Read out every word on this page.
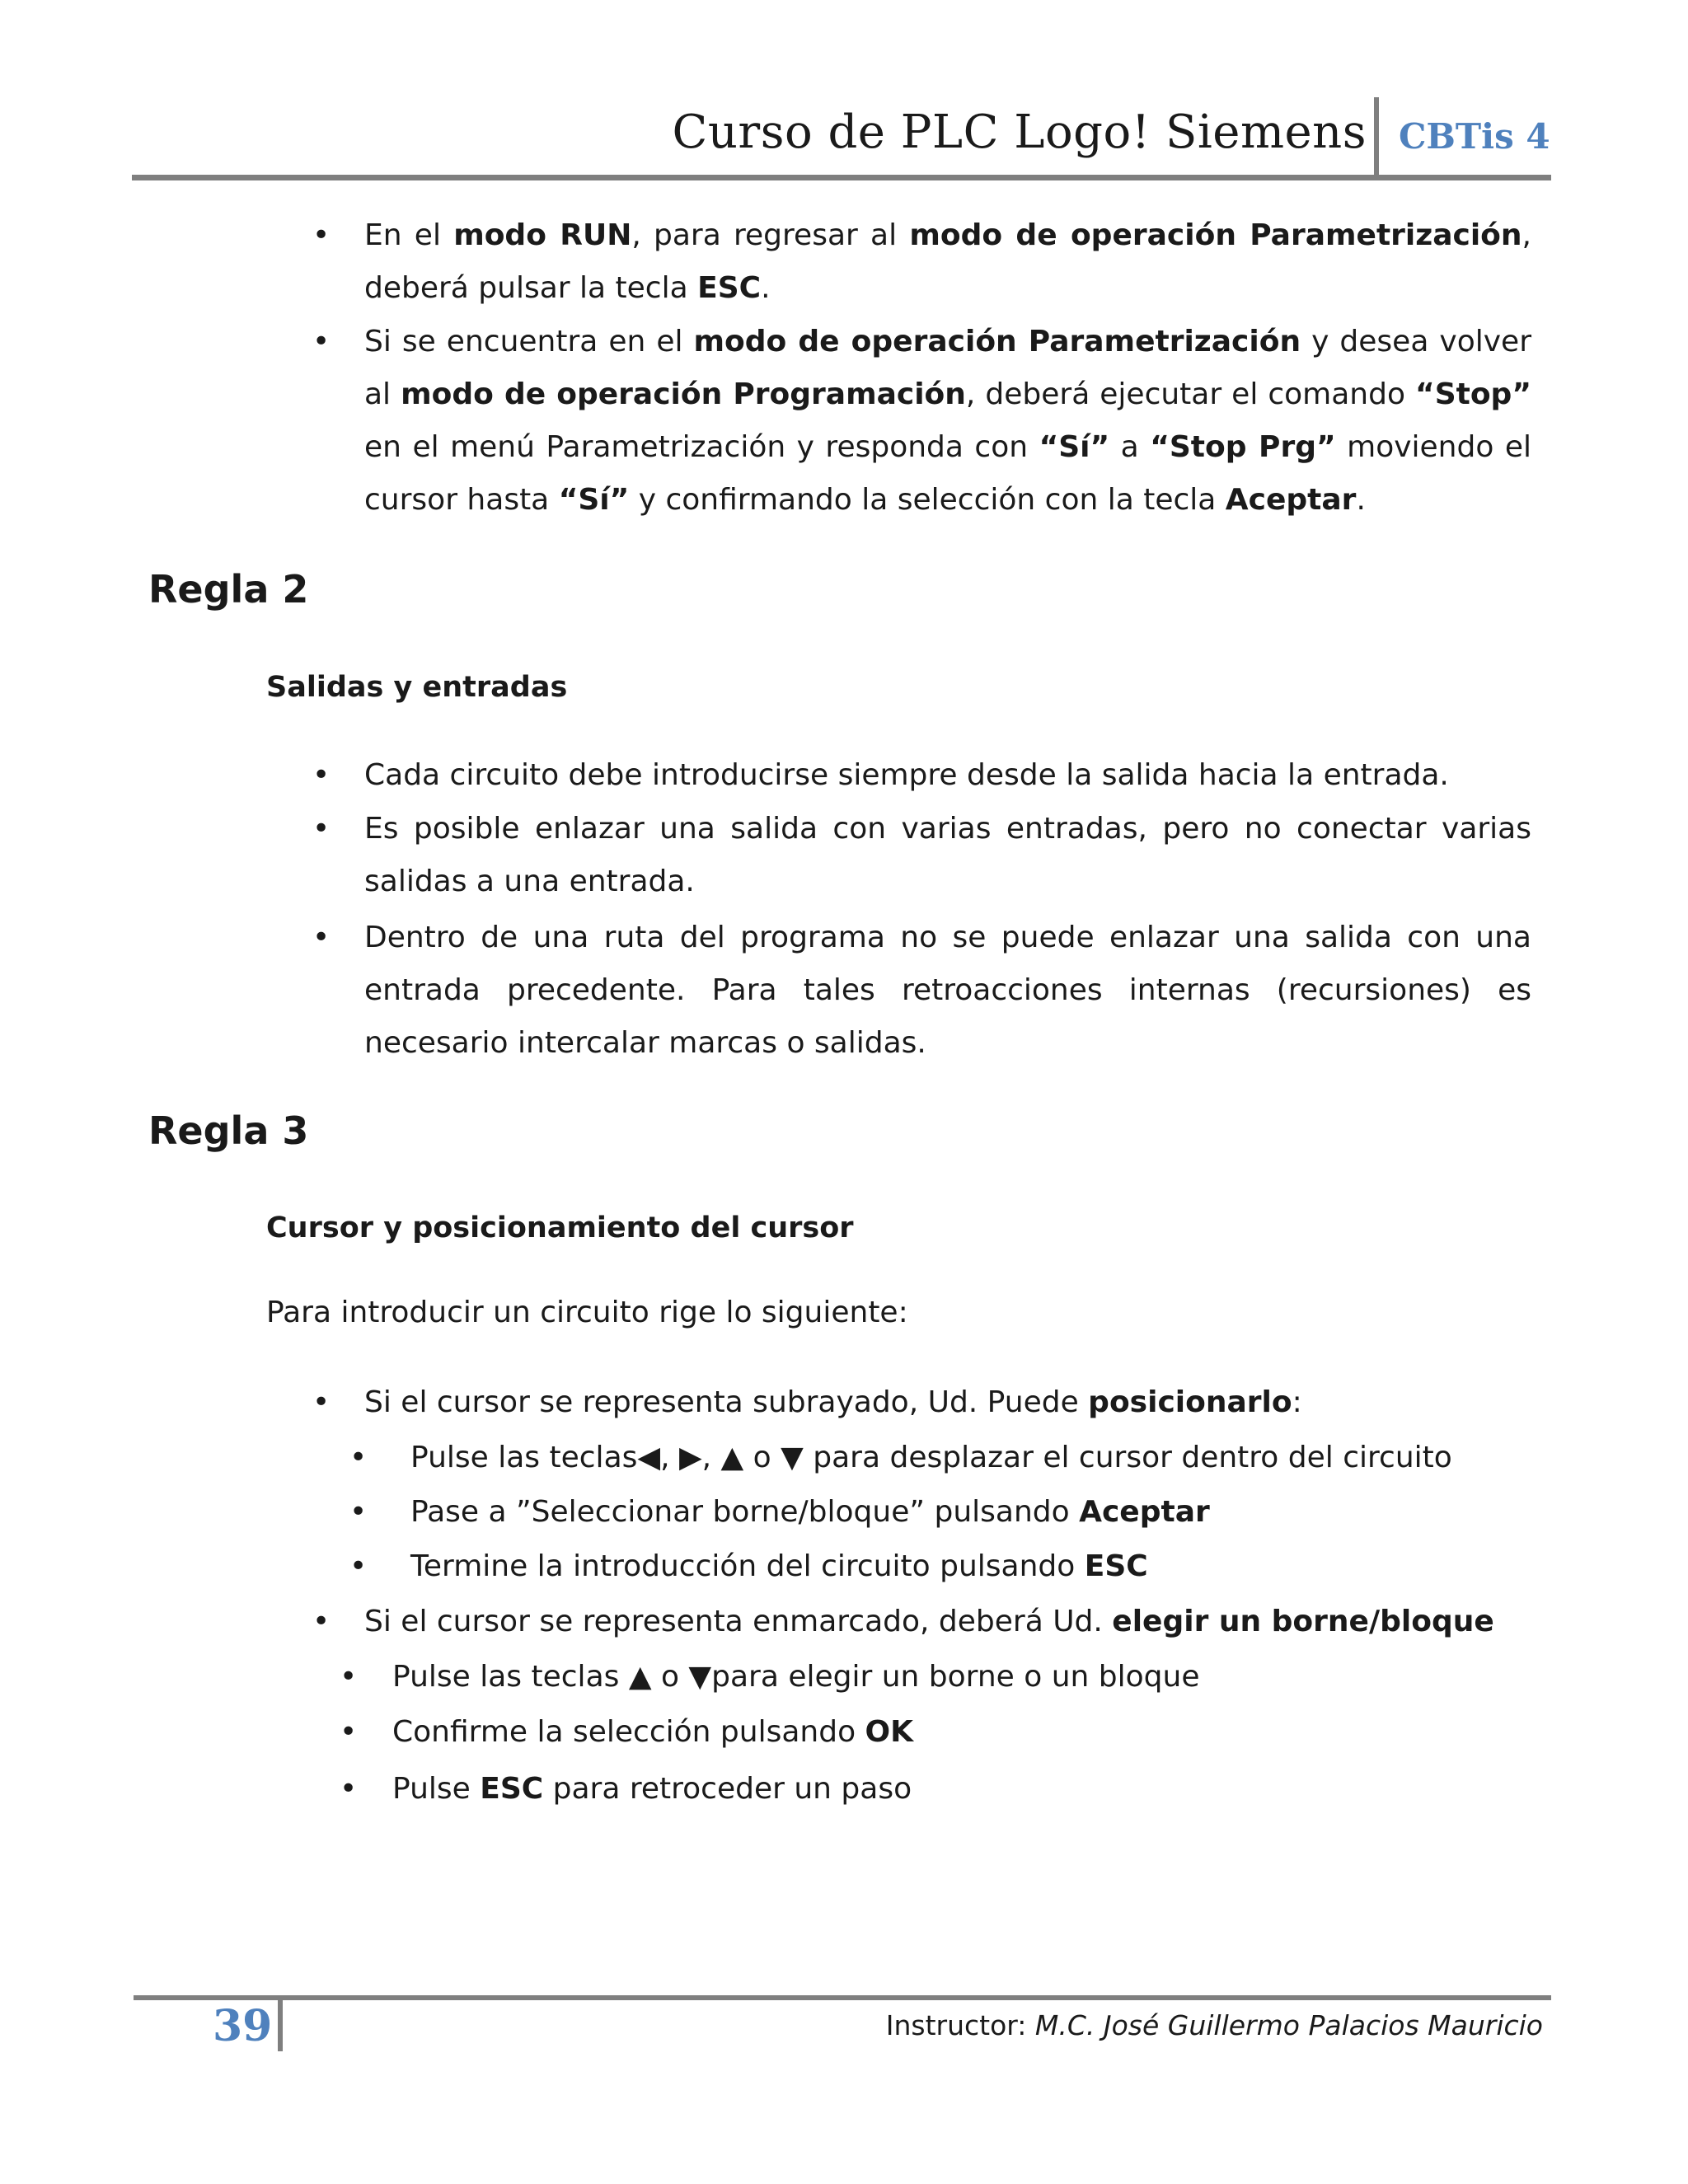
Curso de PLC Logo! Siemens CBTis 4
• En el modo RUN, para regresar al modo de operación Parametrización, deberá pulsar la tecla ESC.
• Si se encuentra en el modo de operación Parametrización y desea volver al modo de operación Programación, deberá ejecutar el comando “Stop” en el menú Parametrización y responda con “Sí” a “Stop Prg” moviendo el cursor hasta “Sí” y confirmando la selección con la tecla Aceptar.
Regla 2
Salidas y entradas
• Cada circuito debe introducirse siempre desde la salida hacia la entrada.
• Es posible enlazar una salida con varias entradas, pero no conectar varias salidas a una entrada.
• Dentro de una ruta del programa no se puede enlazar una salida con una entrada precedente. Para tales retroacciones internas (recursiones) es necesario intercalar marcas o salidas.
Regla 3
Cursor y posicionamiento del cursor
Para introducir un circuito rige lo siguiente:
• Si el cursor se representa subrayado, Ud. Puede posicionarlo:
• Pulse las teclas◀, ▶, ▲ o ▼ para desplazar el cursor dentro del circuito
• Pase a ”Seleccionar borne/bloque” pulsando Aceptar
• Termine la introducción del circuito pulsando ESC
• Si el cursor se representa enmarcado, deberá Ud. elegir un borne/bloque
• Pulse las teclas ▲ o ▼para elegir un borne o un bloque
• Confirme la selección pulsando OK
• Pulse ESC para retroceder un paso
39	Instructor: M.C. José Guillermo Palacios Mauricio
